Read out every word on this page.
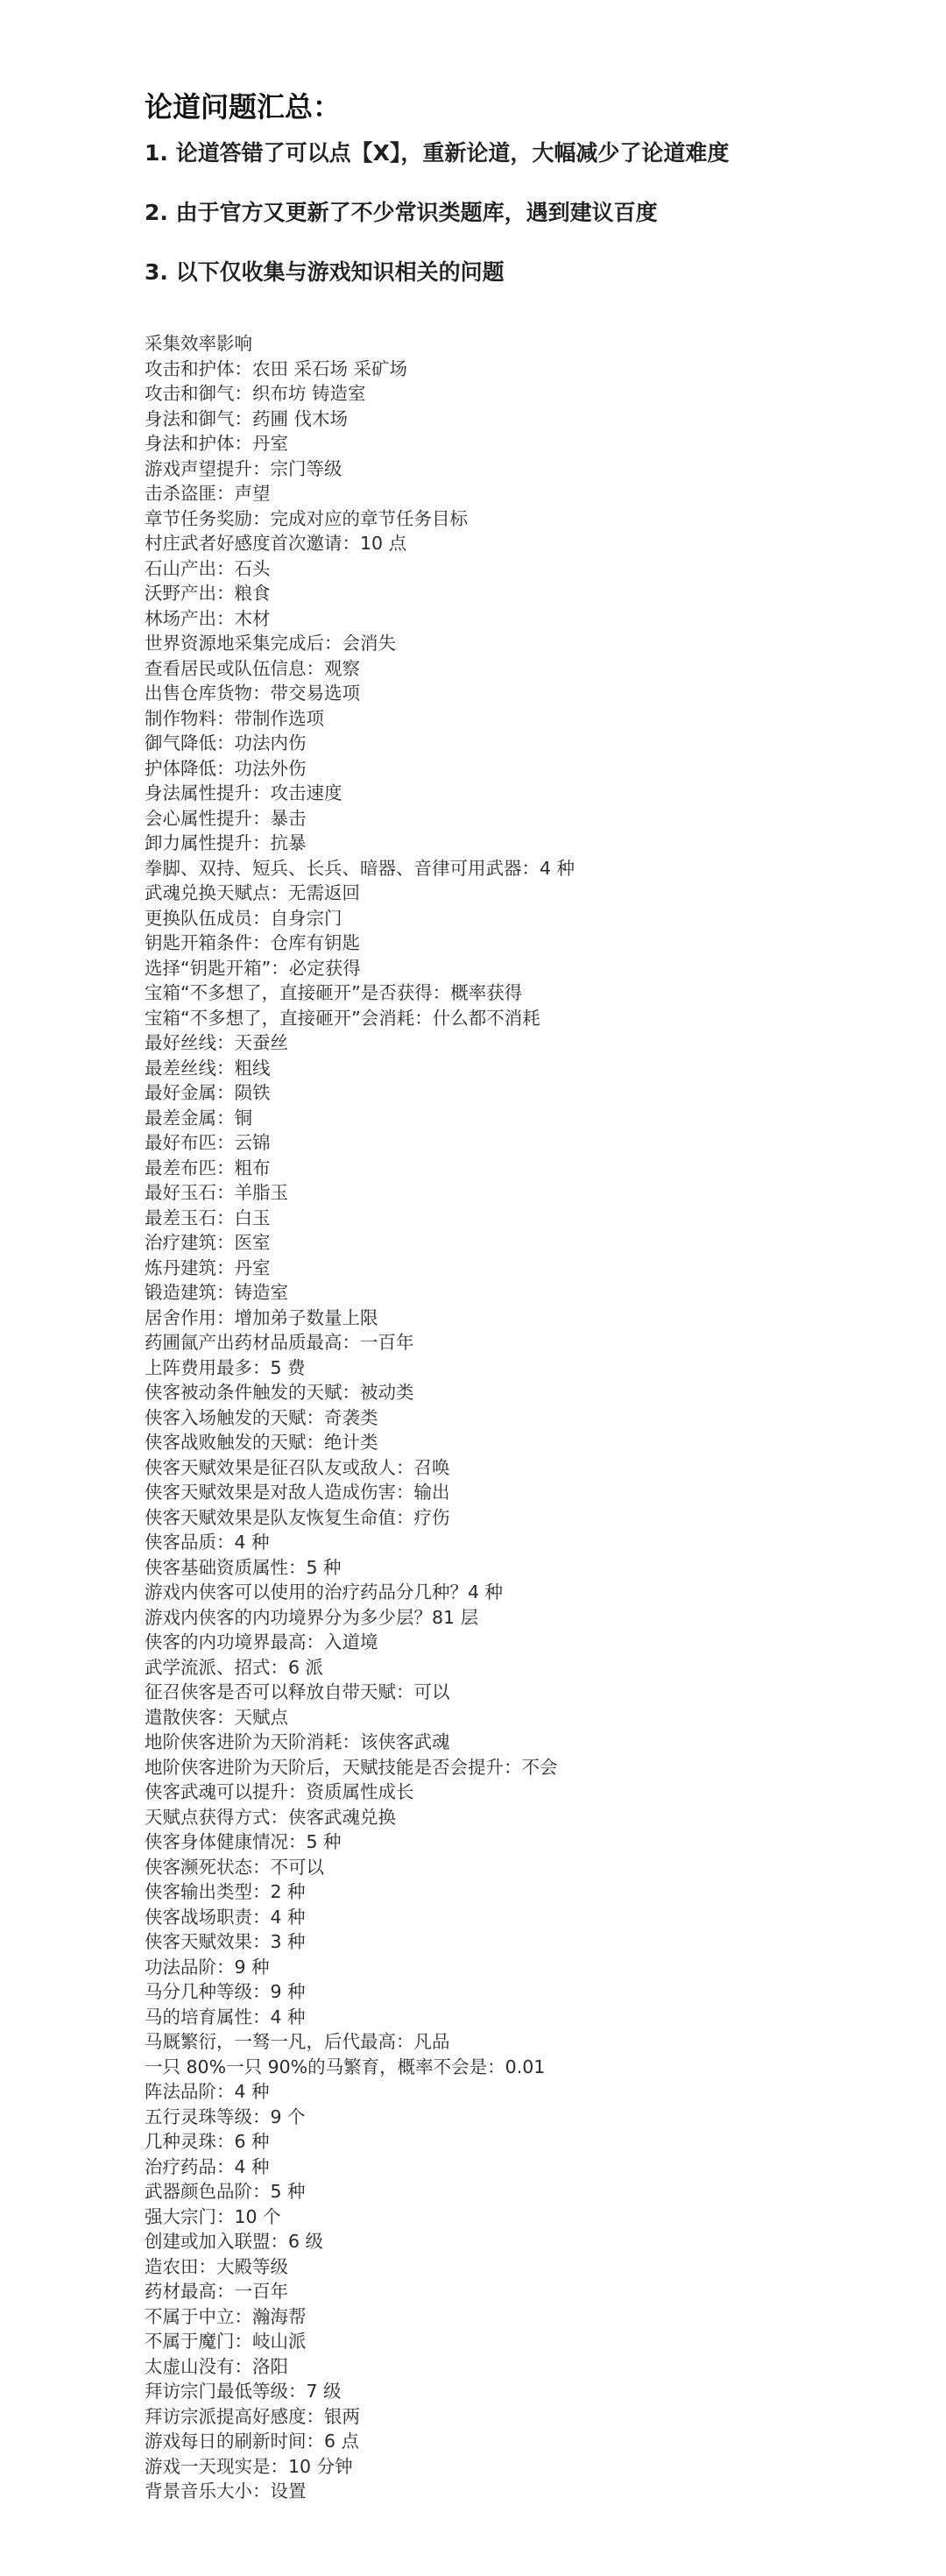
论道问题汇总：
1. 论道答错了可以点【X】，重新论道，大幅减少了论道难度
2. 由于官方又更新了不少常识类题库，遇到建议百度
3. 以下仅收集与游戏知识相关的问题
采集效率影响
攻击和护体：农田 采石场 采矿场
攻击和御气：织布坊 铸造室
身法和御气：药圃 伐木场
身法和护体：丹室
游戏声望提升：宗门等级
击杀盗匪：声望
章节任务奖励：完成对应的章节任务目标
村庄武者好感度首次邀请：10 点
石山产出：石头
沃野产出：粮食
林场产出：木材
世界资源地采集完成后：会消失
查看居民或队伍信息：观察
出售仓库货物：带交易选项
制作物料：带制作选项
御气降低：功法内伤
护体降低：功法外伤
身法属性提升：攻击速度
会心属性提升：暴击
卸力属性提升：抗暴
拳脚、双持、短兵、长兵、暗器、音律可用武器：4 种
武魂兑换天赋点：无需返回
更换队伍成员：自身宗门
钥匙开箱条件：仓库有钥匙
选择“钥匙开箱”：必定获得
宝箱“不多想了，直接砸开”是否获得：概率获得
宝箱“不多想了，直接砸开”会消耗：什么都不消耗
最好丝线：天蚕丝
最差丝线：粗线
最好金属：陨铁
最差金属：铜
最好布匹：云锦
最差布匹：粗布
最好玉石：羊脂玉
最差玉石：白玉
治疗建筑：医室
炼丹建筑：丹室
锻造建筑：铸造室
居舍作用：增加弟子数量上限
药圃氤产出药材品质最高：一百年
上阵费用最多：5 费
侠客被动条件触发的天赋：被动类
侠客入场触发的天赋：奇袭类
侠客战败触发的天赋：绝计类
侠客天赋效果是征召队友或敌人：召唤
侠客天赋效果是对敌人造成伤害：输出
侠客天赋效果是队友恢复生命值：疗伤
侠客品质：4 种
侠客基础资质属性：5 种
游戏内侠客可以使用的治疗药品分几种？4 种
游戏内侠客的内功境界分为多少层？81 层
侠客的内功境界最高：入道境
武学流派、招式：6 派
征召侠客是否可以释放自带天赋：可以
遣散侠客：天赋点
地阶侠客进阶为天阶消耗：该侠客武魂
地阶侠客进阶为天阶后，天赋技能是否会提升：不会
侠客武魂可以提升：资质属性成长
天赋点获得方式：侠客武魂兑换
侠客身体健康情况：5 种
侠客濒死状态：不可以
侠客输出类型：2 种
侠客战场职责：4 种
侠客天赋效果：3 种
功法品阶：9 种
马分几种等级：9 种
马的培育属性：4 种
马厩繁衍，一驽一凡，后代最高：凡品
一只 80%一只 90%的马繁育，概率不会是：0.01
阵法品阶：4 种
五行灵珠等级：9 个
几种灵珠：6 种
治疗药品：4 种
武器颜色品阶：5 种
强大宗门：10 个
创建或加入联盟：6 级
造农田：大殿等级
药材最高：一百年
不属于中立：瀚海帮
不属于魔门：岐山派
太虚山没有：洛阳
拜访宗门最低等级：7 级
拜访宗派提高好感度：银两
游戏每日的刷新时间：6 点
游戏一天现实是：10 分钟
背景音乐大小：设置
